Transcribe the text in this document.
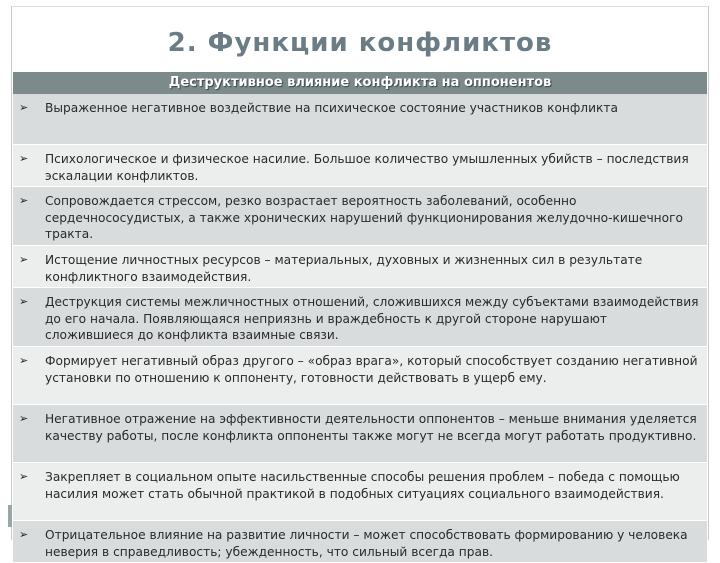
2. Функции конфликтов
Деструктивное влияние конфликта на оппонентов
➢	Выраженное негативное воздействие на психическое состояние участников конфликта
➢	Психологическое и физическое насилие. Большое количество умышленных убийств – последствия эскалации конфликтов.
➢	Сопровождается стрессом, резко возрастает вероятность заболеваний, особенно сердечнососудистых, а также хронических нарушений функционирования желудочно-кишечного тракта.
➢	Истощение личностных ресурсов – материальных, духовных и жизненных сил в результате конфликтного взаимодействия.
➢	Деструкция системы межличностных отношений, сложившихся между субъектами взаимодействия до его начала. Появляющаяся неприязнь и враждебность к другой стороне нарушают сложившиеся до конфликта взаимные связи.
➢	Формирует негативный образ другого – «образ врага», который способствует созданию негативной установки по отношению к оппоненту, готовности действовать в ущерб ему.
➢	Негативное отражение на эффективности деятельности оппонентов – меньше внимания уделяется качеству работы, после конфликта оппоненты также могут не всегда могут работать продуктивно.
➢	Закрепляет в социальном опыте насильственные способы решения проблем – победа с помощью насилия может стать обычной практикой в подобных ситуациях социального взаимодействия.
➢	Отрицательное влияние на развитие личности – может способствовать формированию у человека неверия в справедливость; убежденность, что сильный всегда прав.
